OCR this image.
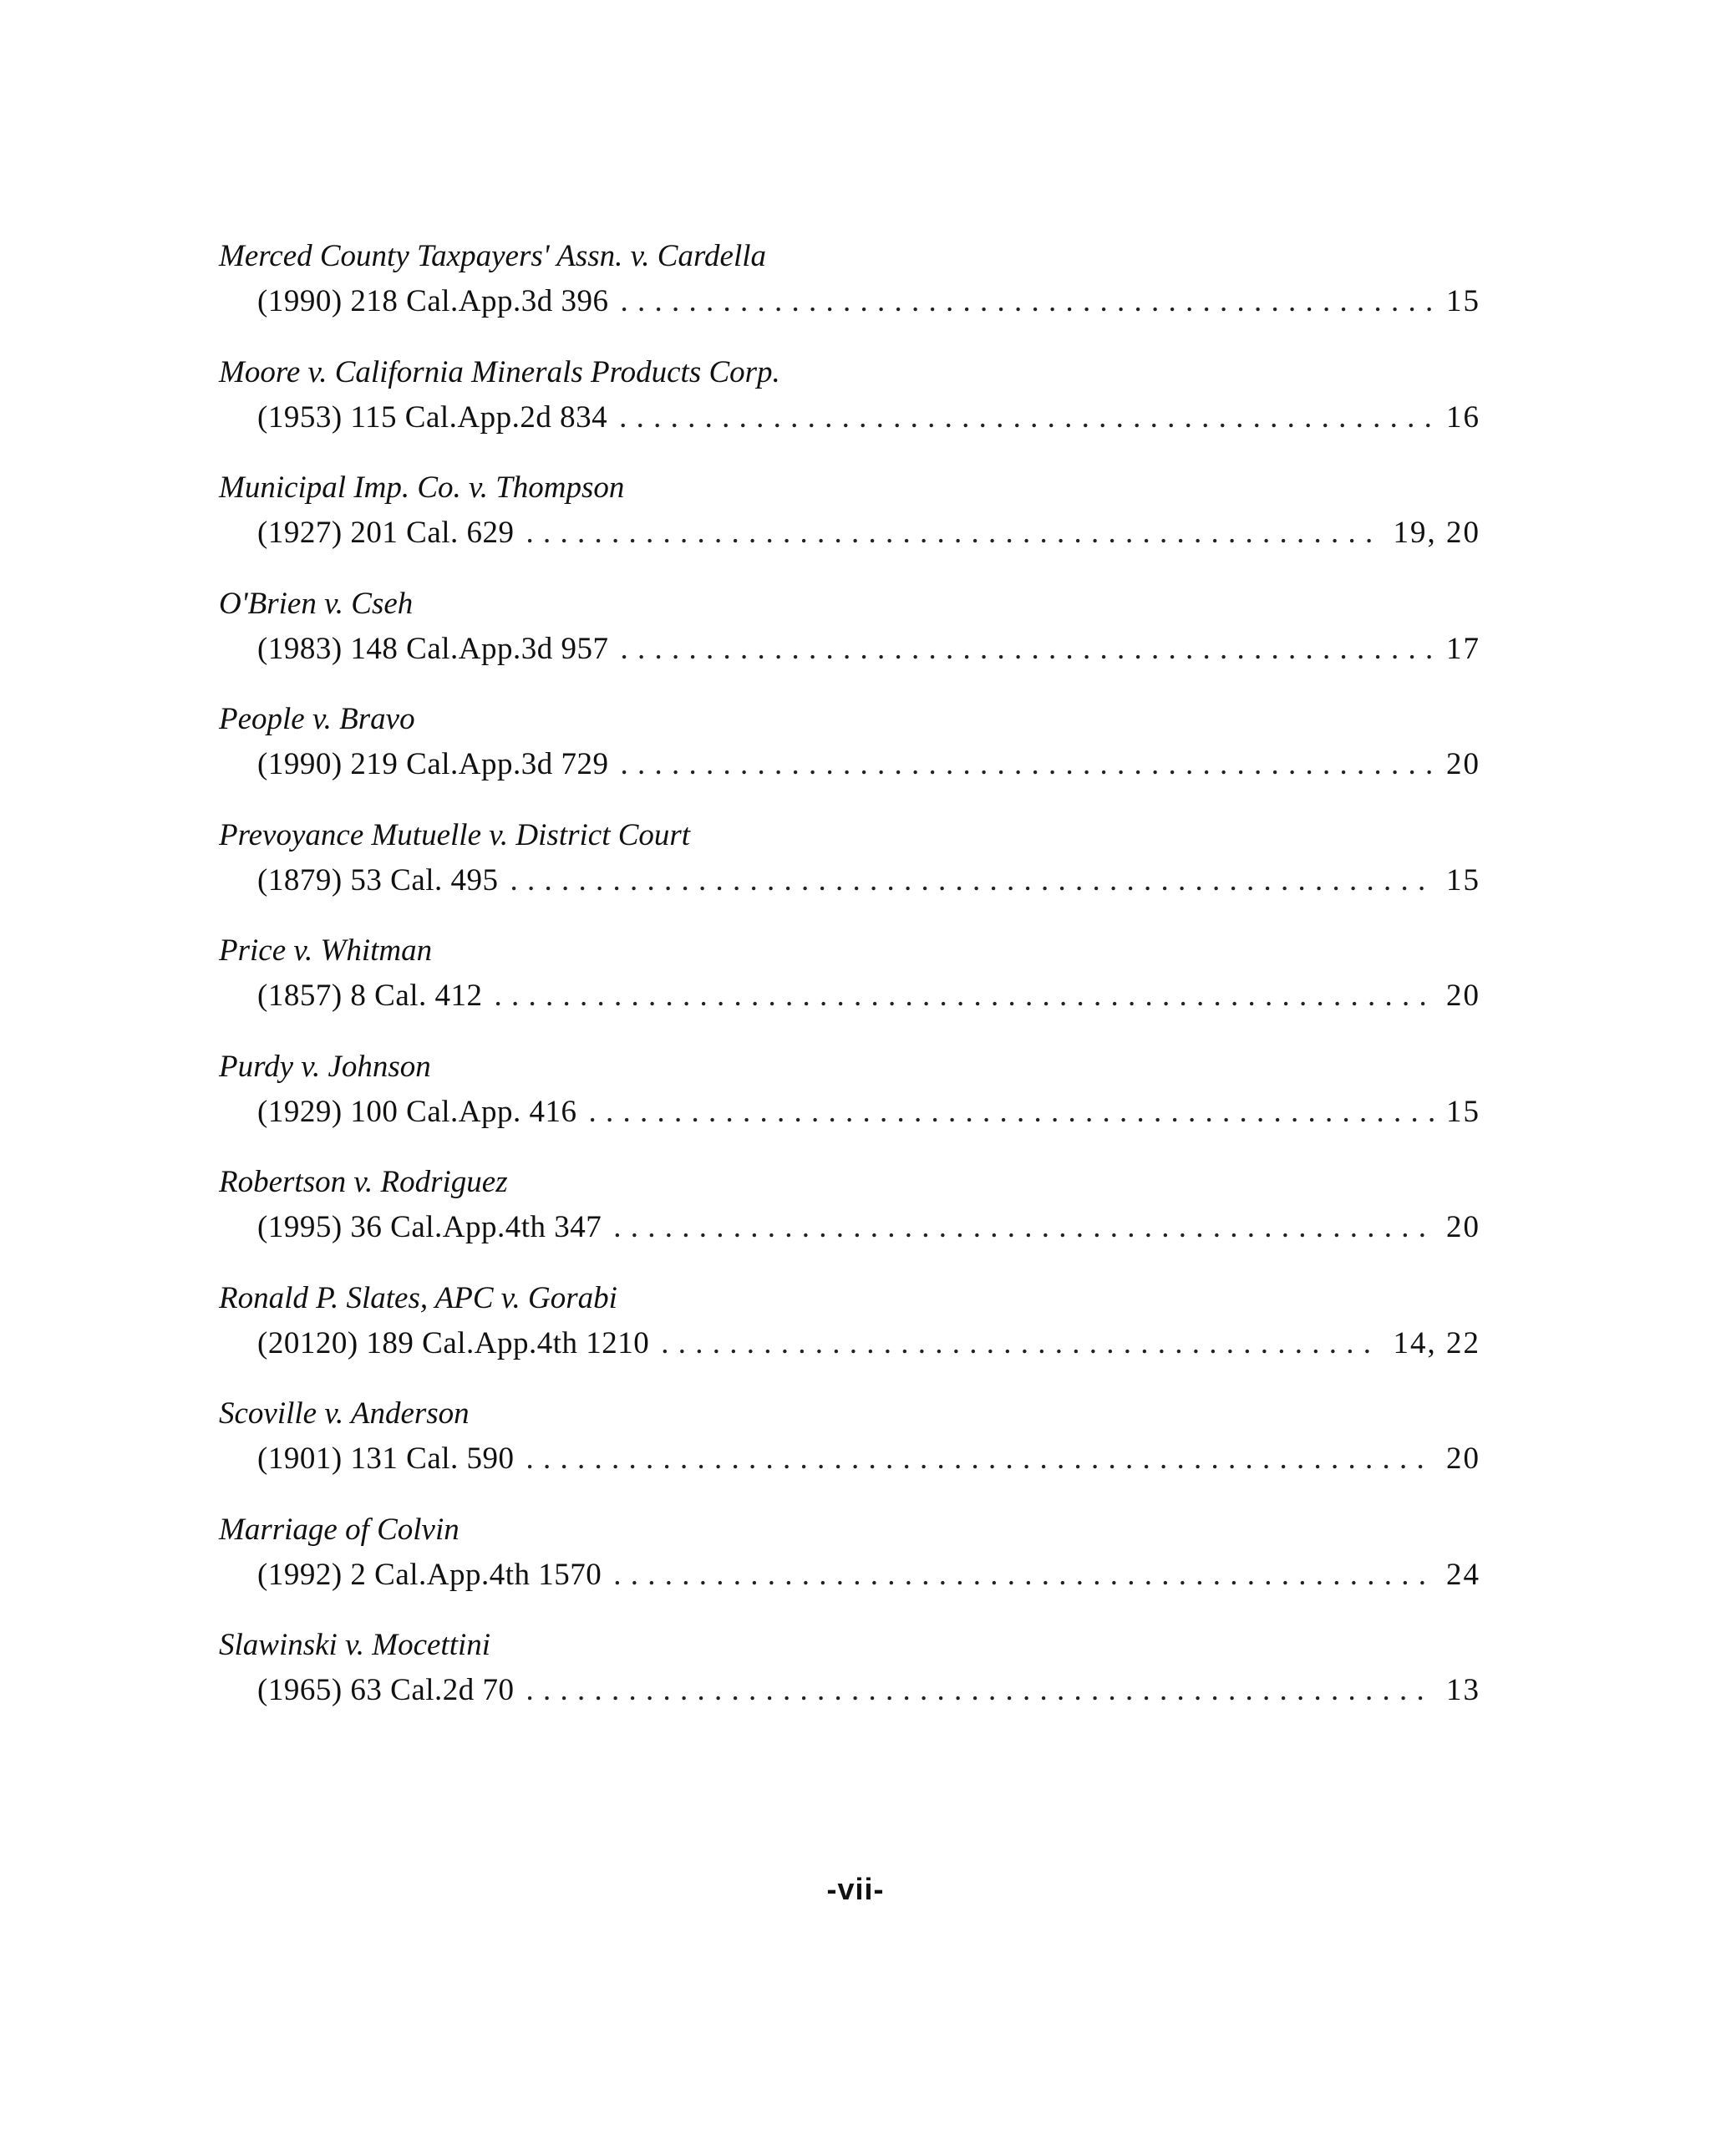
Merced County Taxpayers' Assn. v. Cardella
(1990) 218 Cal.App.3d 396 . . .	15
Moore v. California Minerals Products Corp.
(1953) 115 Cal.App.2d 834 . . .	16
Municipal Imp. Co. v. Thompson
(1927) 201 Cal. 629 . . .	19, 20
O'Brien v. Cseh
(1983) 148 Cal.App.3d 957 . . .	17
People v. Bravo
(1990) 219 Cal.App.3d 729 . . .	20
Prevoyance Mutuelle v. District Court
(1879) 53 Cal. 495 . . .	15
Price v. Whitman
(1857) 8 Cal. 412 . . .	20
Purdy v. Johnson
(1929) 100 Cal.App. 416 . . .	15
Robertson v. Rodriguez
(1995) 36 Cal.App.4th 347 . . .	20
Ronald P. Slates, APC v. Gorabi
(20120) 189 Cal.App.4th 1210 . . .	14, 22
Scoville v. Anderson
(1901) 131 Cal. 590 . . .	20
Marriage of Colvin
(1992) 2 Cal.App.4th 1570 . . .	24
Slawinski v. Mocettini
(1965) 63 Cal.2d 70 . . .	13
-vii-
